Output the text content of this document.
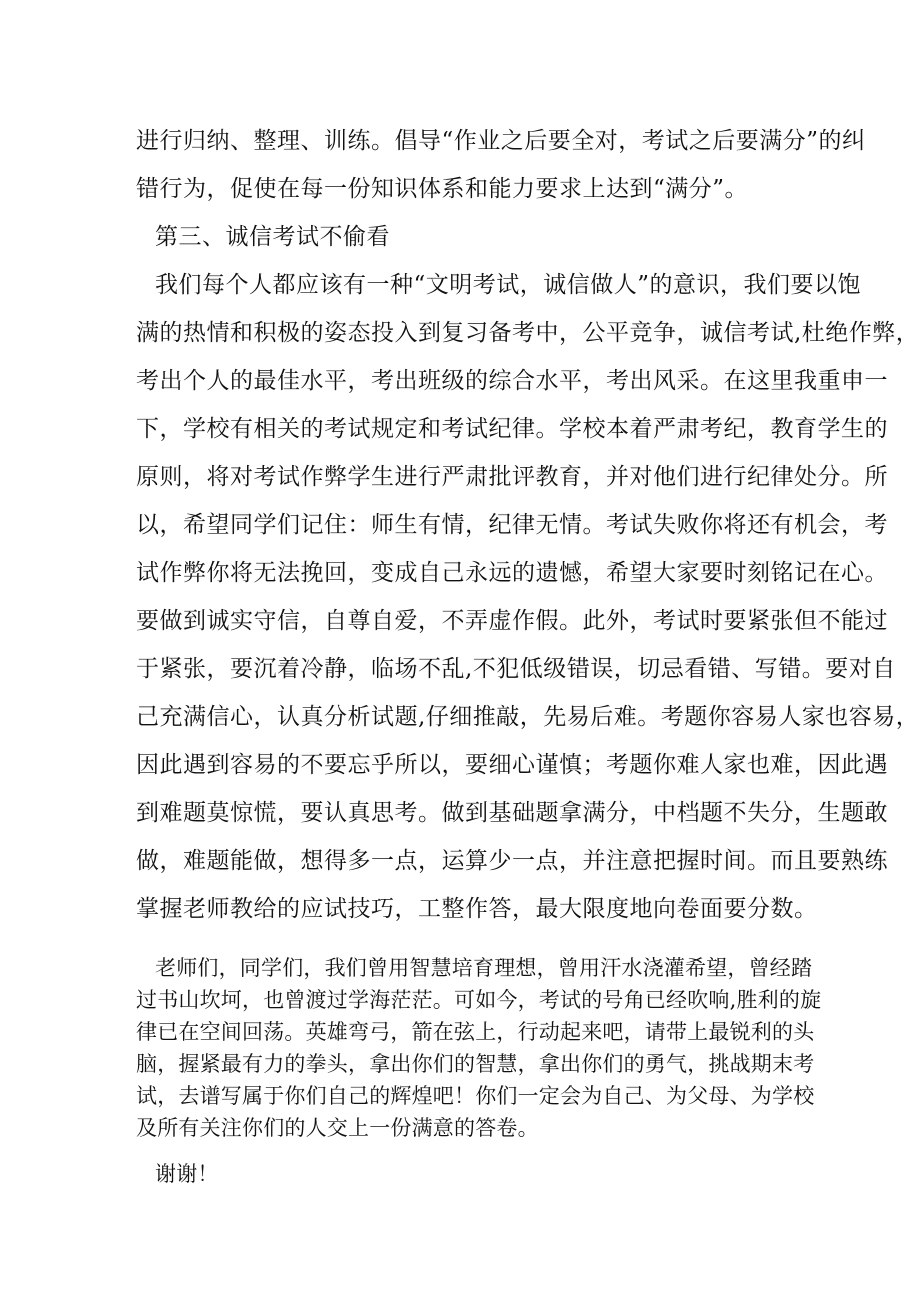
进行归纳、整理、训练。倡导“作业之后要全对，考试之后要满分”的纠

错行为，促使在每一份知识体系和能力要求上达到“满分”。

第三、诚信考试不偷看

我们每个人都应该有一种“文明考试，诚信做人”的意识，我们要以饱

满的热情和积极的姿态投入到复习备考中，公平竞争，诚信考试,杜绝作弊，

考出个人的最佳水平，考出班级的综合水平，考出风采。在这里我重申一

下，学校有相关的考试规定和考试纪律。学校本着严肃考纪，教育学生的

原则，将对考试作弊学生进行严肃批评教育，并对他们进行纪律处分。所

以，希望同学们记住：师生有情，纪律无情。考试失败你将还有机会，考

试作弊你将无法挽回，变成自己永远的遗憾，希望大家要时刻铭记在心。

要做到诚实守信，自尊自爱，不弄虚作假。此外，考试时要紧张但不能过

于紧张，要沉着冷静，临场不乱,不犯低级错误，切忌看错、写错。要对自

己充满信心，认真分析试题,仔细推敲，先易后难。考题你容易人家也容易，

因此遇到容易的不要忘乎所以，要细心谨慎；考题你难人家也难，因此遇

到难题莫惊慌，要认真思考。做到基础题拿满分，中档题不失分，生题敢

做，难题能做，想得多一点，运算少一点，并注意把握时间。而且要熟练

掌握老师教给的应试技巧，工整作答，最大限度地向卷面要分数。

老师们，同学们，我们曾用智慧培育理想，曾用汗水浇灌希望，曾经踏

过书山坎坷，也曾渡过学海茫茫。可如今，考试的号角已经吹响,胜利的旋

律已在空间回荡。英雄弯弓，箭在弦上，行动起来吧，请带上最锐利的头

脑，握紧最有力的拳头，拿出你们的智慧，拿出你们的勇气，挑战期末考

试，去谱写属于你们自己的辉煌吧！你们一定会为自己、为父母、为学校

及所有关注你们的人交上一份满意的答卷。

谢谢！
